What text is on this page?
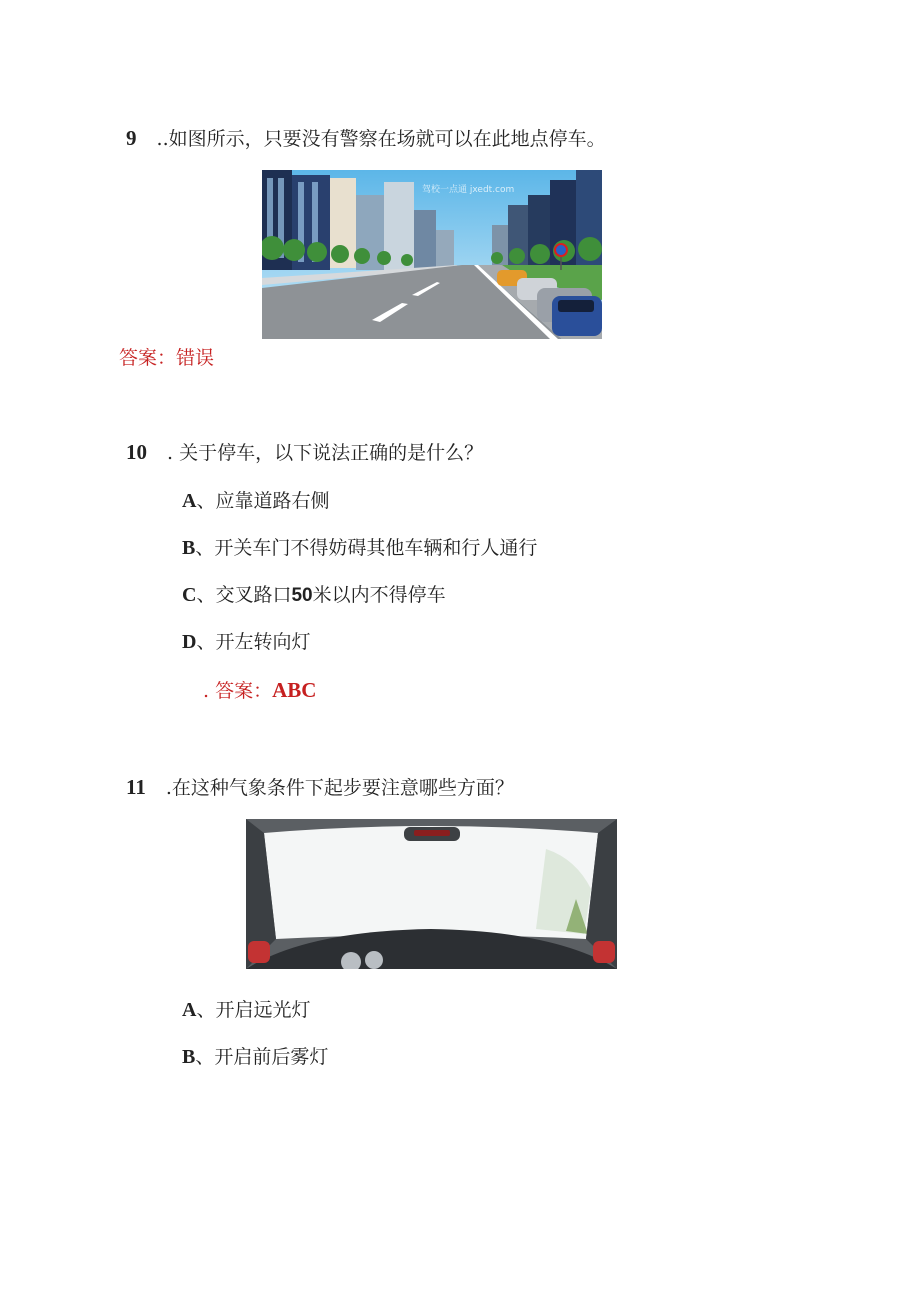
9 ..如图所示，只要没有警察在场就可以在此地点停车。
驾校一点通 jxedt.com
答案：错误
10 . 关于停车，以下说法正确的是什么？
A、应靠道路右侧
B、开关车门不得妨碍其他车辆和行人通行
C、交叉路口50米以内不得停车
D、开左转向灯
. 答案：ABC
11 .在这种气象条件下起步要注意哪些方面？
A、开启远光灯
B、开启前后雾灯
